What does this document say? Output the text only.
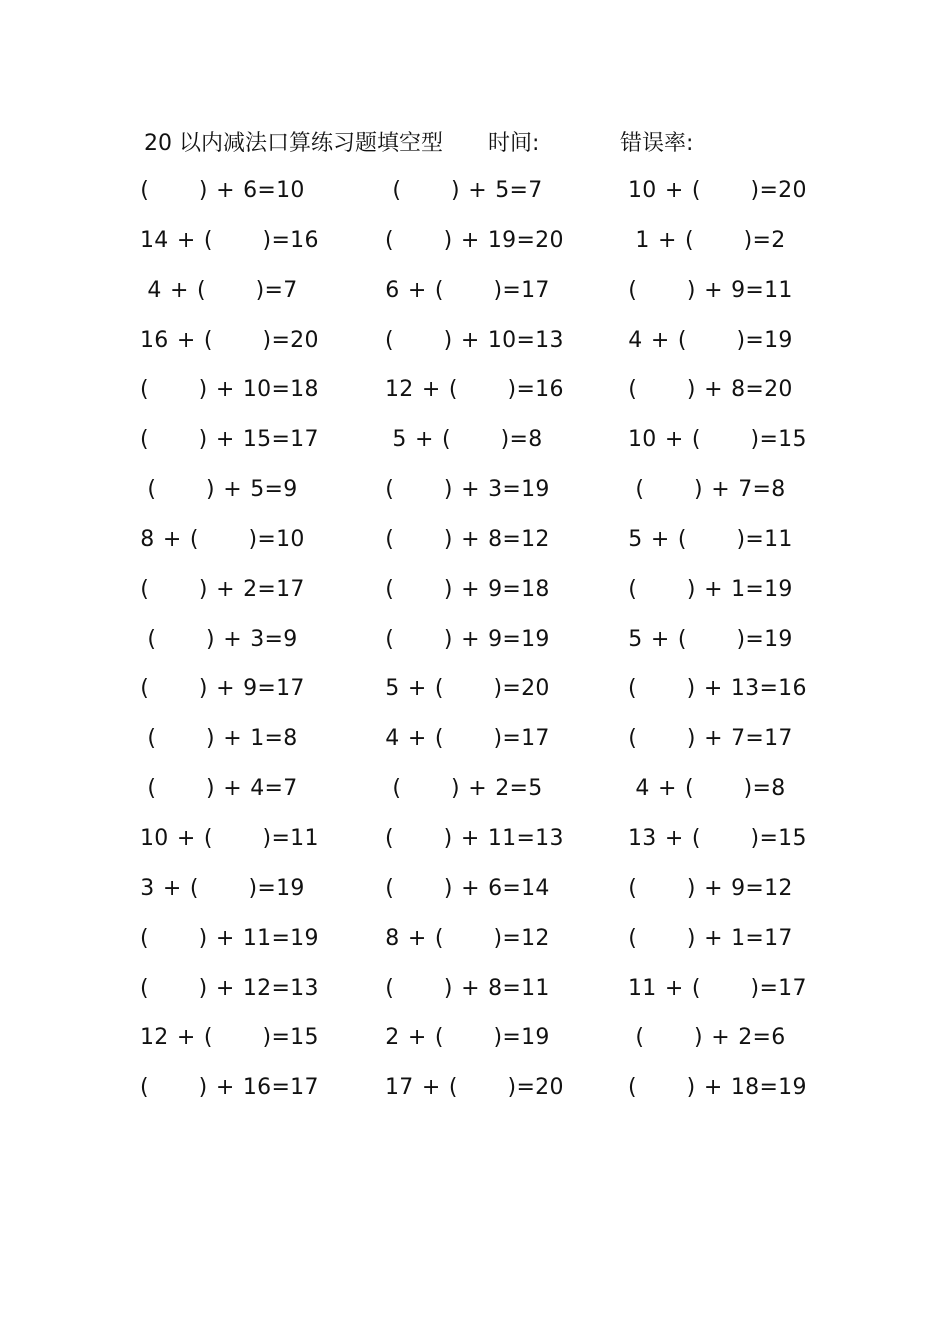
20 以内减法口算练习题填空型 时间:	错误率:
(      ) + 6=10	(      ) + 5=7	10 + (      )=20
14 + (      )=16	(      ) + 19=20	1 + (      )=2
4 + (      )=7	6 + (      )=17	(      ) + 9=11
16 + (      )=20	(      ) + 10=13	4 + (      )=19
(      ) + 10=18	12 + (      )=16	(      ) + 8=20
(      ) + 15=17	5 + (      )=8	10 + (      )=15
(      ) + 5=9	(      ) + 3=19	(      ) + 7=8
8 + (      )=10	(      ) + 8=12	5 + (      )=11
(      ) + 2=17	(      ) + 9=18	(      ) + 1=19
(      ) + 3=9	(      ) + 9=19	5 + (      )=19
(      ) + 9=17	5 + (      )=20	(      ) + 13=16
(      ) + 1=8	4 + (      )=17	(      ) + 7=17
(      ) + 4=7	(      ) + 2=5	4 + (      )=8
10 + (      )=11	(      ) + 11=13	13 + (      )=15
3 + (      )=19	(      ) + 6=14	(      ) + 9=12
(      ) + 11=19	8 + (      )=12	(      ) + 1=17
(      ) + 12=13	(      ) + 8=11	11 + (      )=17
12 + (      )=15	2 + (      )=19	(      ) + 2=6
(      ) + 16=17	17 + (      )=20	(      ) + 18=19
